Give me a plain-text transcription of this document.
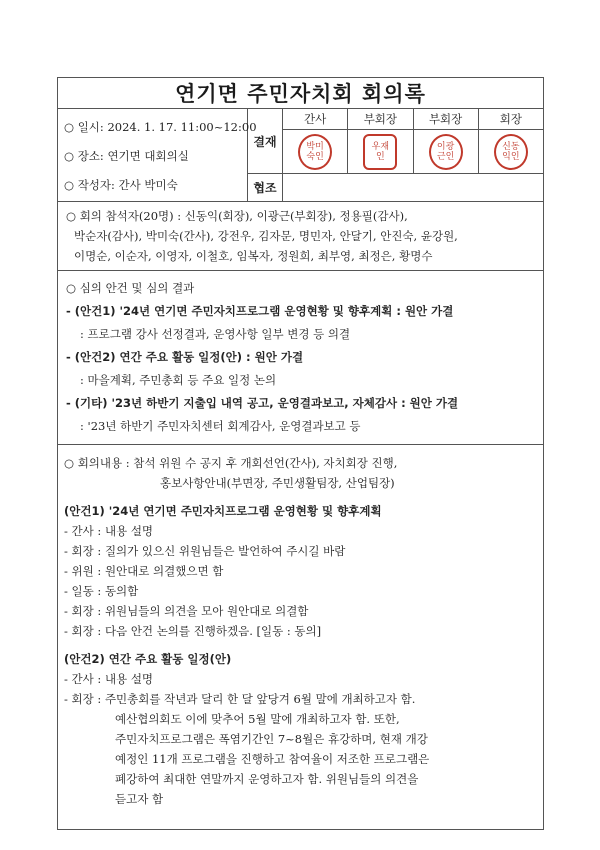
연기면 주민자치회 회의록
○ 일시: 2024. 1. 17. 11:00~12:00
○ 장소: 연기면 대회의실
○ 작성자: 간사 박미숙
결재
간사
박미
숙인
부회장
우재
인
부회장
이광
근인
회장
신동
익인
협조

○ 회의 참석자(20명) : 신동익(회장), 이광근(부회장), 정용필(감사),

박순자(감사), 박미숙(간사), 강전우, 김자문, 명민자, 안달기, 안진숙, 윤강원,

이명순, 이순자, 이영자, 이철호, 임복자, 정원희, 최부영, 최정은, 황명수

○ 심의 안건 및 심의 결과

- (안건1) '24년 연기면 주민자치프로그램 운영현황 및 향후계획 : 원안 가결

: 프로그램 강사 선정결과, 운영사항 일부 변경 등 의결

- (안건2) 연간 주요 활동 일정(안) : 원안 가결

: 마을계획, 주민총회 등 주요 일정 논의

- (기타) '23년 하반기 지출입 내역 공고, 운영결과보고, 자체감사 : 원안 가결

: '23년 하반기 주민자치센터 회계감사, 운영결과보고 등

○ 회의내용 : 참석 위원 수 공지 후 개회선언(간사), 자치회장 진행,

홍보사항안내(부면장, 주민생활팀장, 산업팀장)

(안건1) '24년 연기면 주민자치프로그램 운영현황 및 향후계획

- 간사 : 내용 설명

- 회장 : 질의가 있으신 위원님들은 발언하여 주시길 바람

- 위원 : 원안대로 의결했으면 함

- 일동 : 동의함

- 회장 : 위원님들의 의견을 모아 원안대로 의결함

- 회장 : 다음 안건 논의를 진행하겠음. [일동 : 동의]

(안건2) 연간 주요 활동 일정(안)

- 간사 : 내용 설명

- 회장 : 주민총회를 작년과 달리 한 달 앞당겨 6월 말에 개최하고자 함.

예산협의회도 이에 맞추어 5월 말에 개최하고자 함. 또한,

주민자치프로그램은 폭염기간인 7~8월은 휴강하며, 현재 개강

예정인 11개 프로그램을 진행하고 참여율이 저조한 프로그램은

폐강하여 최대한 연말까지 운영하고자 함. 위원님들의 의견을

듣고자 함
